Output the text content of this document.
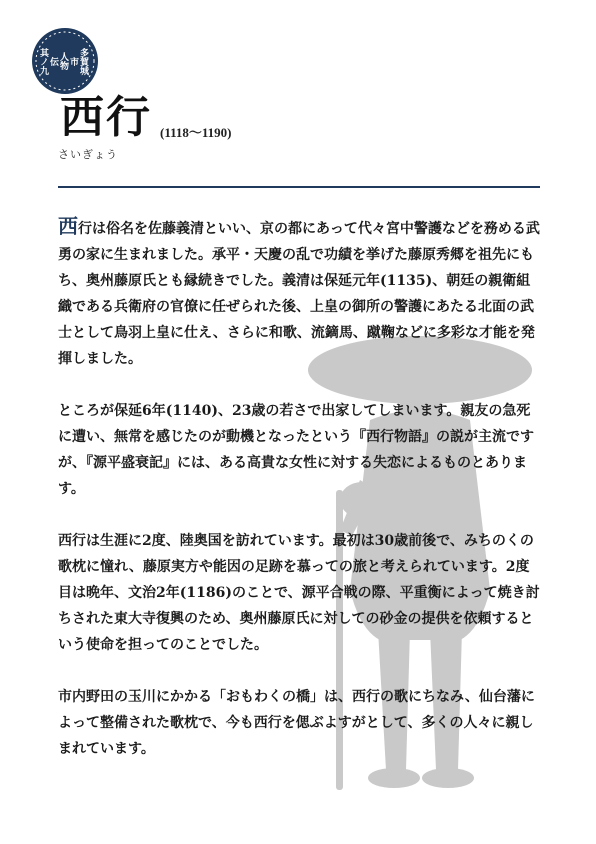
多賀城
市
人物
伝
其ノ九
西行 (1118～1190)
さいぎょう

西行は俗名を佐藤義清といい、京の都にあって代々宮中警護などを務める武勇の家に生まれました。承平・天慶の乱で功績を挙げた藤原秀郷を祖先にもち、奥州藤原氏とも縁続きでした。義清は保延元年(1135)、朝廷の親衛組織である兵衛府の官僚に任ぜられた後、上皇の御所の警護にあたる北面の武士として鳥羽上皇に仕え、さらに和歌、流鏑馬、蹴鞠などに多彩な才能を発揮しました。

ところが保延6年(1140)、23歳の若さで出家してしまいます。親友の急死に遭い、無常を感じたのが動機となったという『西行物語』の説が主流ですが、『源平盛衰記』には、ある高貴な女性に対する失恋によるものとあります。

西行は生涯に2度、陸奥国を訪れています。最初は30歳前後で、みちのくの歌枕に憧れ、藤原実方や能因の足跡を慕っての旅と考えられています。2度目は晩年、文治2年(1186)のことで、源平合戦の際、平重衡によって焼き討ちされた東大寺復興のため、奥州藤原氏に対しての砂金の提供を依頼するという使命を担ってのことでした。

市内野田の玉川にかかる「おもわくの橋」は、西行の歌にちなみ、仙台藩によって整備された歌枕で、今も西行を偲ぶよすがとして、多くの人々に親しまれています。
